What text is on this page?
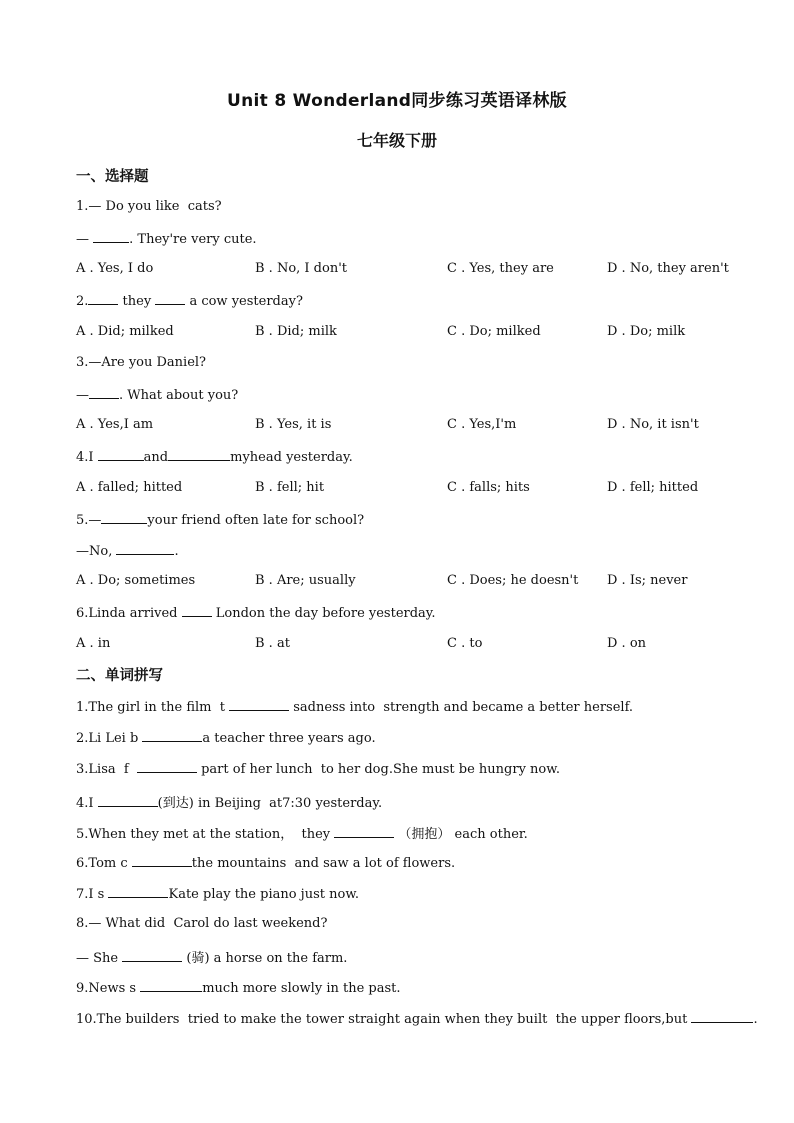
Unit 8 Wonderland同步练习英语译林版
七年级下册
一、选择题
1.— Do you like  cats?
—	. They're very cute.
A . Yes, I do	B . No, I don't	C . Yes, they are	D . No, they aren't
2. they  a cow yesterday?
A . Did; milked	B . Did; milk	C . Do; milked	D . Do; milk
3.—Are you Daniel?
— . What about you?
A . Yes,I am	B . Yes, it is	C . Yes,I'm	D . No, it isn't
4.I	and	myhead yesterday.
A . falled; hitted	B . fell; hit	C . falls; hits	D . fell; hitted
5.—	your friend often late for school?
—No,	.
A . Do; sometimes	B . Are; usually	C . Does; he doesn't D . Is; never
6.Linda arrived  London the day before yesterday.
A . in	B . at	C . to	D . on
二、单词拼写
1.The girl in the film  t	sadness into  strength and became a better herself.
2.Li Lei b	a teacher three years ago.
3.Lisa  f	part of her lunch  to her dog.She must be hungry now.
4.I	(到达) in Beijing  at7:30 yesterday.
5.When they met at the station，  they	（拥抱） each other.
6.Tom c	the mountains  and saw a lot of flowers.
7.I s	Kate play the piano just now.
8.— What did  Carol do last weekend?
— She	(骑) a horse on the farm.
9.News s	much more slowly in the past.
10.The builders  tried to make the tower straight again when they built  the upper floors,but	.
